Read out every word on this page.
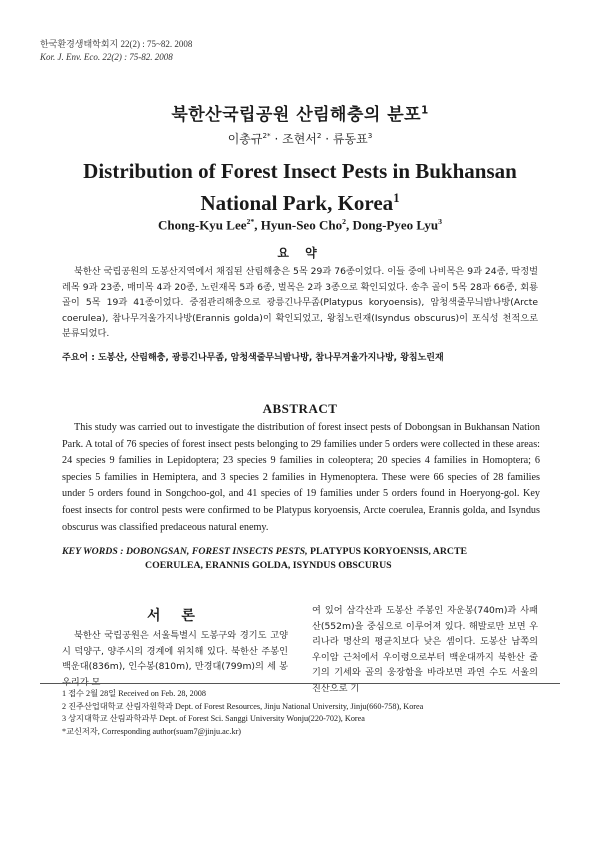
한국환경생태학회지 22(2) : 75~82. 2008
Kor. J. Env. Eco. 22(2) : 75-82. 2008
북한산국립공원 산림해충의 분포$^1$
이총규$^{2*}$ · 조현서$^2$ · 류동표$^3$
Distribution of Forest Insect Pests in Bukhansan National Park, Korea$^1$
Chong-Kyu Lee$^{2*}$, Hyun-Seo Cho$^2$, Dong-Pyeo Lyu$^3$
요 약
북한산 국립공원의 도봉산지역에서 채집된 산림해충은 5목 29과 76종이었다. 이들 중에 나비목은 9과 24종, 딱정벌레목 9과 23종, 매미목 4과 20종, 노린재목 5과 6종, 벌목은 2과 3종으로 확인되었다. 송추 골이 5목 28과 66종, 회룡 골이 5목 19과 41종이었다. 중점관리해충으로 광릉긴나무좀(Platypus koryoensis), 암청색줄무늬밤나방(Arcte coerulea), 참나무겨울가지나방(Erannis golda)이 확인되었고, 왕침노린재(Isyndus obscurus)이 포식성 천적으로 분류되었다.
주요어 : 도봉산, 산림해충, 광릉긴나무좀, 암청색줄무늬밤나방, 참나무겨울가지나방, 왕침노린재
ABSTRACT
This study was carried out to investigate the distribution of forest insect pests of Dobongsan in Bukhansan Nation Park. A total of 76 species of forest insect pests belonging to 29 families under 5 orders were collected in these areas: 24 species 9 families in Lepidoptera; 23 species 9 families in coleoptera; 20 species 4 families in Homoptera; 6 species 5 families in Hemiptera, and 3 species 2 families in Hymenoptera. These were 66 species of 28 families under 5 orders found in Songchoo-gol, and 41 species of 19 families under 5 orders found in Hoeryong-gol. Key foest insects for control pests were confirmed to be Platypus koryoensis, Arcte coerulea, Erannis golda, and Isyndus obscurus was classified predaceous natural enemy.
KEY WORDS : DOBONGSAN, FOREST INSECTS PESTS, PLATYPUS KORYOENSIS, ARCTE
COERULEA, ERANNIS GOLDA, ISYNDUS OBSCURUS
서 론
북한산 국립공원은 서울특별시 도봉구와 경기도 고양시 덕양구, 양주시의 경계에 위치해 있다. 북한산 주봉인 백운대(836m), 인수봉(810m), 만경대(799m)의 세 봉우리가 모
여 있어 삼각산과 도봉산 주봉인 자운봉(740m)과 사패산(552m)을 중심으로 이루어져 있다. 해발로만 보면 우리나라 명산의 평균치보다 낮은 셈이다. 도봉산 남쪽의 우이암 근처에서 우이령으로부터 백운대까지 북한산 줄기의 기세와 골의 웅장함을 바라보면 과연 수도 서울의 진산으로 기
1 접수 2월 28일 Received on Feb. 28, 2008
2 진주산업대학교 산림자원학과 Dept. of Forest Resources, Jinju National University, Jinju(660-758), Korea
3 상지대학교 산림과학과부 Dept. of Forest Sci. Sanggi University Wonju(220-702), Korea
*교신저자, Corresponding author(suam7@jinju.ac.kr)
